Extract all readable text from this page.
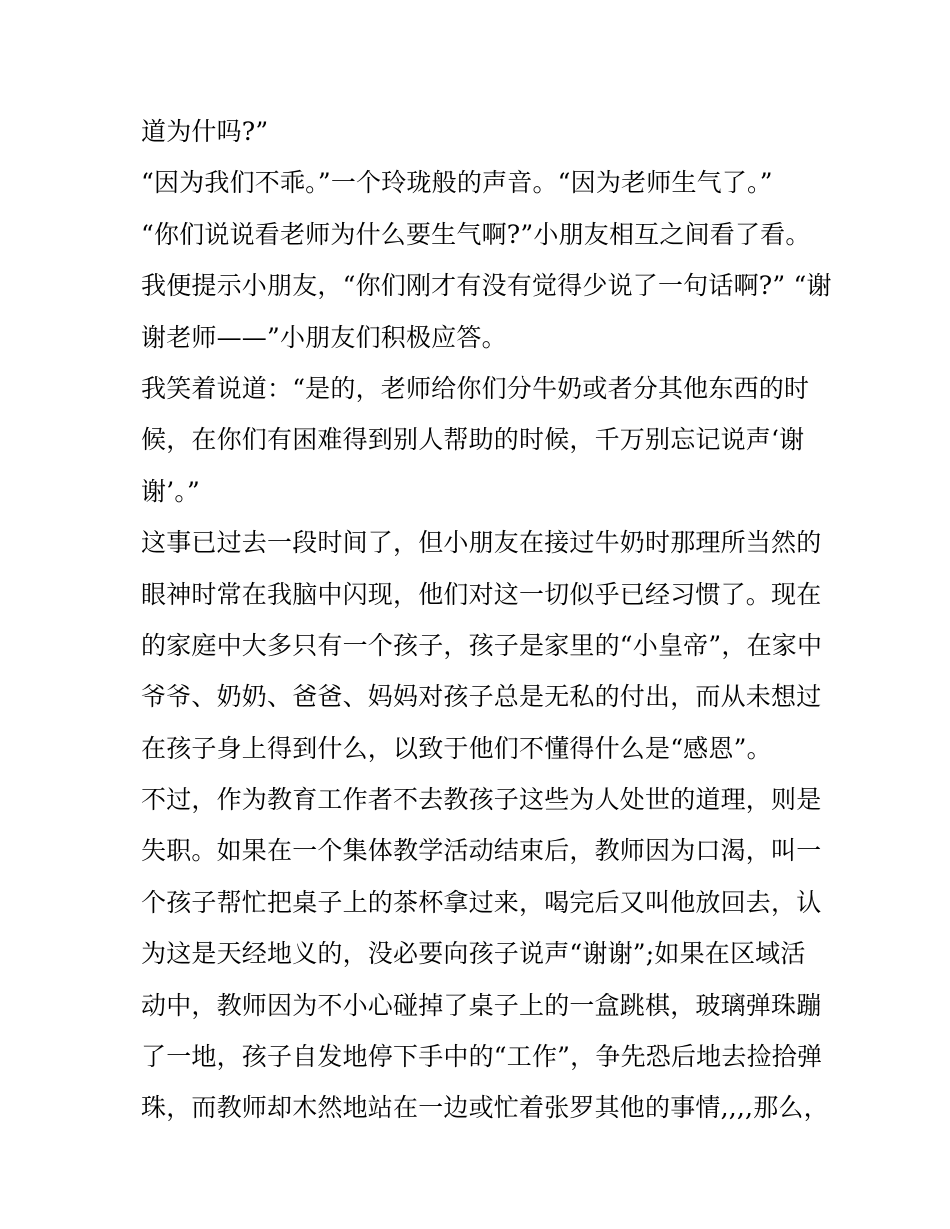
道为什吗?”
“因为我们不乖。”一个玲珑般的声音。“因为老师生气了。”
“你们说说看老师为什么要生气啊?”小朋友相互之间看了看。
我便提示小朋友，“你们刚才有没有觉得少说了一句话啊?” “谢
谢老师——”小朋友们积极应答。
我笑着说道：“是的，老师给你们分牛奶或者分其他东西的时
候，在你们有困难得到别人帮助的时候，千万别忘记说声‘谢
谢’。”
这事已过去一段时间了，但小朋友在接过牛奶时那理所当然的
眼神时常在我脑中闪现，他们对这一切似乎已经习惯了。现在
的家庭中大多只有一个孩子，孩子是家里的“小皇帝”，在家中
爷爷、奶奶、爸爸、妈妈对孩子总是无私的付出，而从未想过
在孩子身上得到什么，以致于他们不懂得什么是“感恩”。
不过，作为教育工作者不去教孩子这些为人处世的道理，则是
失职。如果在一个集体教学活动结束后，教师因为口渴，叫一
个孩子帮忙把桌子上的茶杯拿过来，喝完后又叫他放回去，认
为这是天经地义的，没必要向孩子说声“谢谢”;如果在区域活
动中，教师因为不小心碰掉了桌子上的一盒跳棋，玻璃弹珠蹦
了一地，孩子自发地停下手中的“工作”，争先恐后地去捡拾弹
珠，而教师却木然地站在一边或忙着张罗其他的事情,,,,那么，
